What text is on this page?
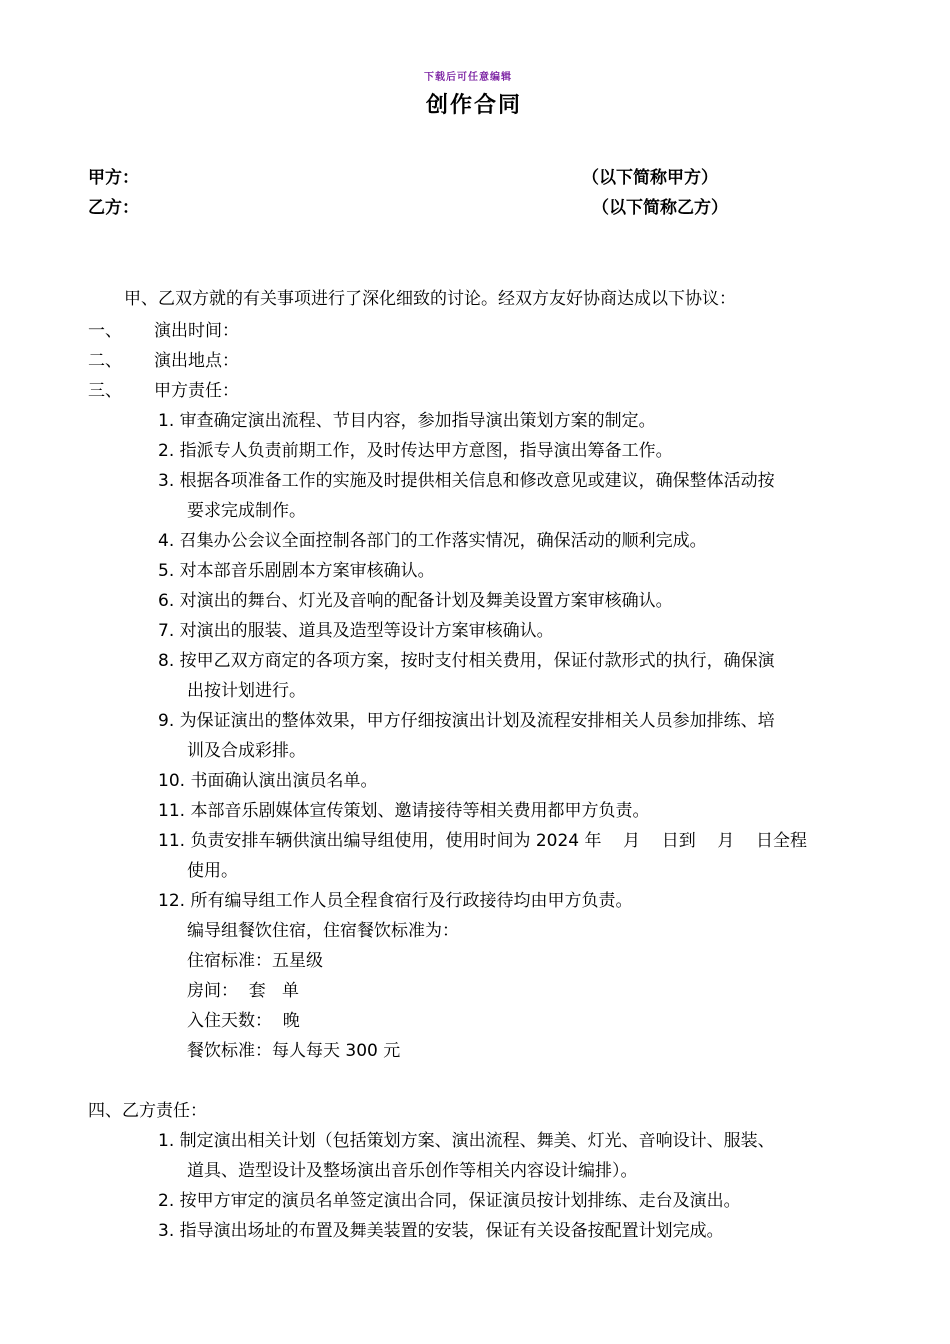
下载后可任意编辑
创作合同
甲方：	（以下简称甲方）
乙方：	（以下简称乙方）
甲、乙双方就的有关事项进行了深化细致的讨论。经双方友好协商达成以下协议：
一、 演出时间：
二、 演出地点：
三、 甲方责任：
1. 审查确定演出流程、节目内容，参加指导演出策划方案的制定。
2. 指派专人负责前期工作，及时传达甲方意图，指导演出筹备工作。
3. 根据各项准备工作的实施及时提供相关信息和修改意见或建议，确保整体活动按
要求完成制作。
4. 召集办公会议全面控制各部门的工作落实情况，确保活动的顺利完成。
5. 对本部音乐剧剧本方案审核确认。
6. 对演出的舞台、灯光及音响的配备计划及舞美设置方案审核确认。
7. 对演出的服装、道具及造型等设计方案审核确认。
8. 按甲乙双方商定的各项方案，按时支付相关费用，保证付款形式的执行，确保演
出按计划进行。
9. 为保证演出的整体效果，甲方仔细按演出计划及流程安排相关人员参加排练、培
训及合成彩排。
10. 书面确认演出演员名单。
11. 本部音乐剧媒体宣传策划、邀请接待等相关费用都甲方负责。
11. 负责安排车辆供演出编导组使用，使用时间为 2024 年    月    日到    月    日全程
使用。
12. 所有编导组工作人员全程食宿行及行政接待均由甲方负责。
编导组餐饮住宿，住宿餐饮标准为：
住宿标准：五星级
房间：  套   单
入住天数：  晚
餐饮标准：每人每天 300 元
四、乙方责任：
1. 制定演出相关计划（包括策划方案、演出流程、舞美、灯光、音响设计、服装、
道具、造型设计及整场演出音乐创作等相关内容设计编排）。
2. 按甲方审定的演员名单签定演出合同，保证演员按计划排练、走台及演出。
3. 指导演出场址的布置及舞美装置的安装，保证有关设备按配置计划完成。
